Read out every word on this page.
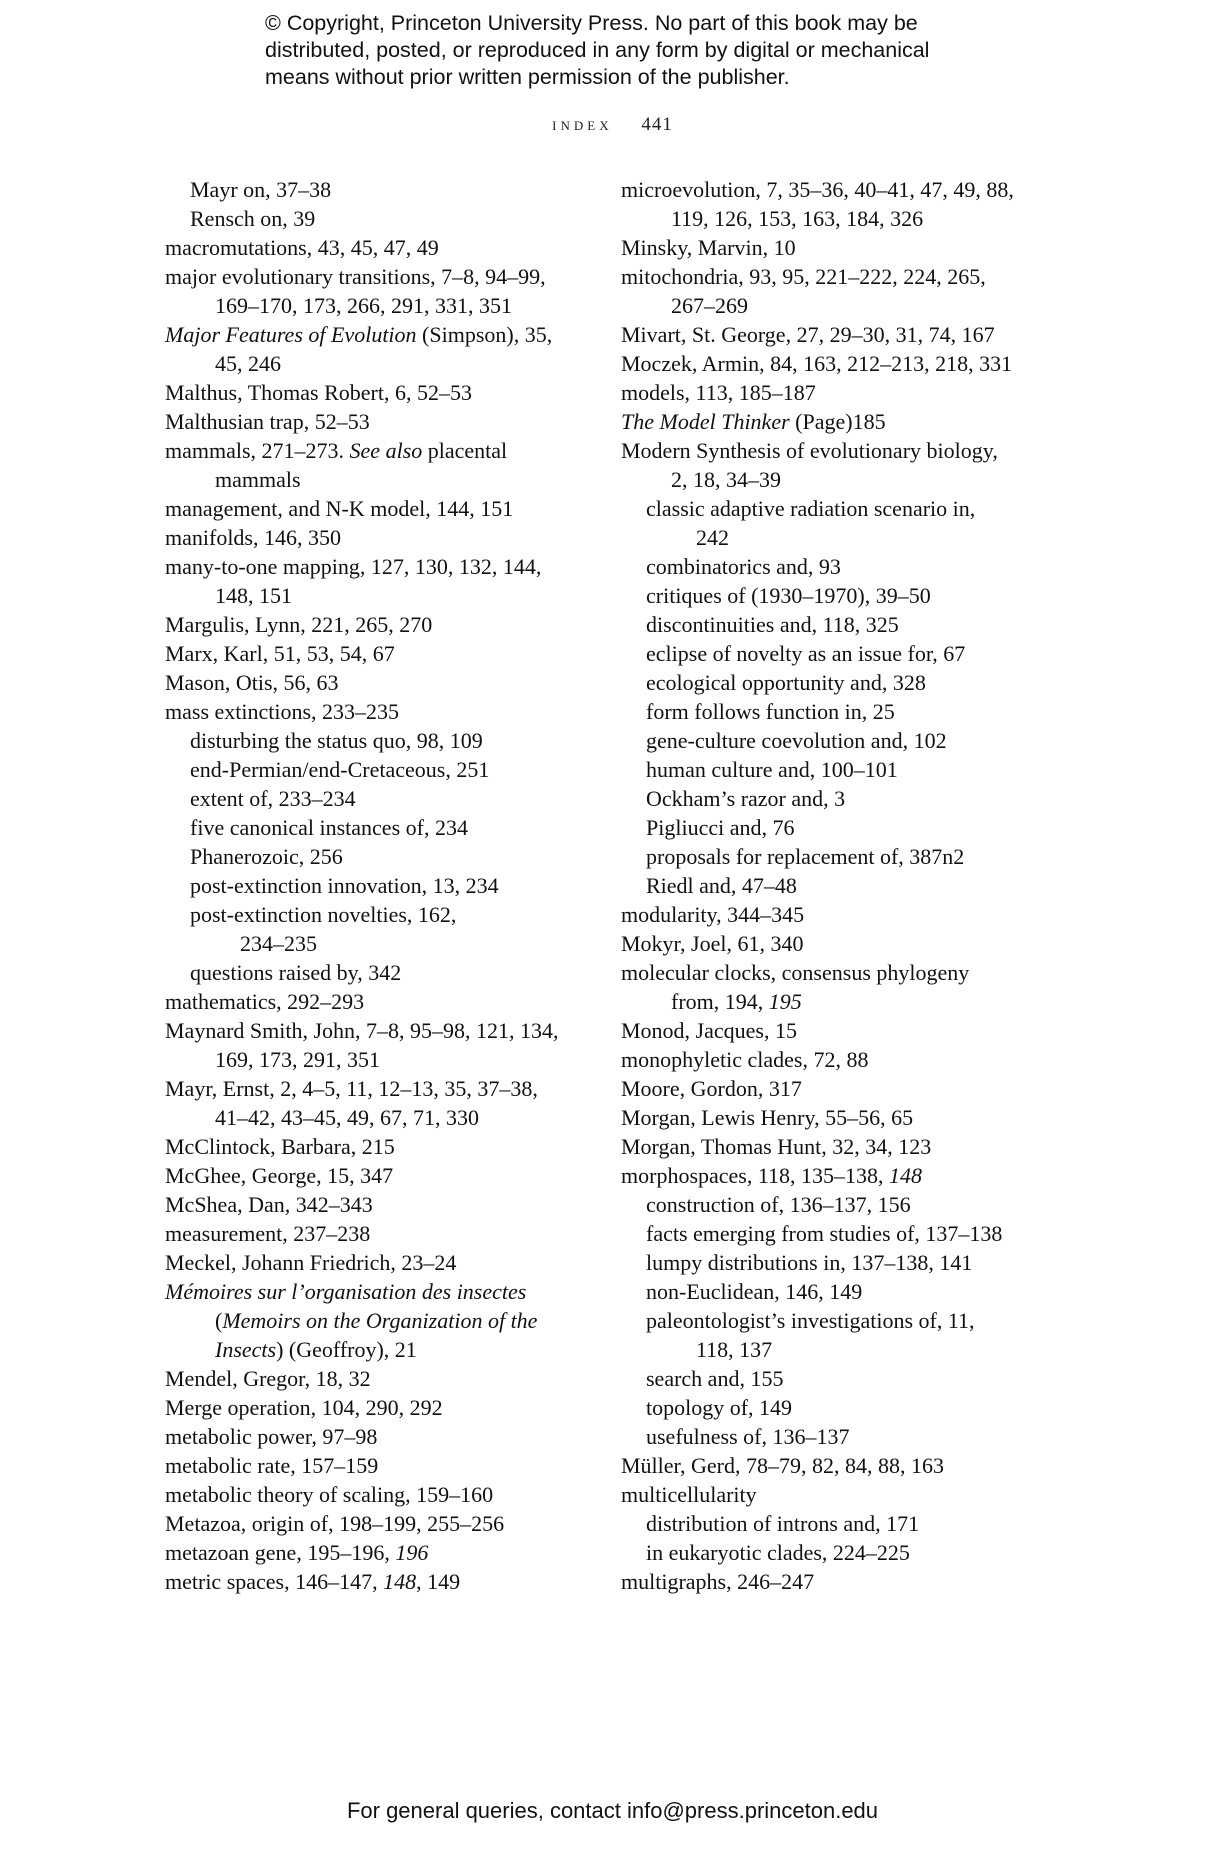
© Copyright, Princeton University Press. No part of this book may be
distributed, posted, or reproduced in any form by digital or mechanical
means without prior written permission of the publisher.
index 441
Mayr on, 37–38
Rensch on, 39
macromutations, 43, 45, 47, 49
major evolutionary transitions, 7–8, 94–99,
169–170, 173, 266, 291, 331, 351
Major Features of Evolution (Simpson), 35,
45, 246
Malthus, Thomas Robert, 6, 52–53
Malthusian trap, 52–53
mammals, 271–273. See also placental
mammals
management, and N-K model, 144, 151
manifolds, 146, 350
many-to-one mapping, 127, 130, 132, 144,
148, 151
Margulis, Lynn, 221, 265, 270
Marx, Karl, 51, 53, 54, 67
Mason, Otis, 56, 63
mass extinctions, 233–235
disturbing the status quo, 98, 109
end-Permian/end-Cretaceous, 251
extent of, 233–234
five canonical instances of, 234
Phanerozoic, 256
post-extinction innovation, 13, 234
post-extinction novelties, 162,
234–235
questions raised by, 342
mathematics, 292–293
Maynard Smith, John, 7–8, 95–98, 121, 134,
169, 173, 291, 351
Mayr, Ernst, 2, 4–5, 11, 12–13, 35, 37–38,
41–42, 43–45, 49, 67, 71, 330
McClintock, Barbara, 215
McGhee, George, 15, 347
McShea, Dan, 342–343
measurement, 237–238
Meckel, Johann Friedrich, 23–24
Mémoires sur l’organisation des insectes
(Memoirs on the Organization of the
Insects) (Geoffroy), 21
Mendel, Gregor, 18, 32
Merge operation, 104, 290, 292
metabolic power, 97–98
metabolic rate, 157–159
metabolic theory of scaling, 159–160
Metazoa, origin of, 198–199, 255–256
metazoan gene, 195–196, 196
metric spaces, 146–147, 148, 149
microevolution, 7, 35–36, 40–41, 47, 49, 88,
119, 126, 153, 163, 184, 326
Minsky, Marvin, 10
mitochondria, 93, 95, 221–222, 224, 265,
267–269
Mivart, St. George, 27, 29–30, 31, 74, 167
Moczek, Armin, 84, 163, 212–213, 218, 331
models, 113, 185–187
The Model Thinker (Page)185
Modern Synthesis of evolutionary biology,
2, 18, 34–39
classic adaptive radiation scenario in,
242
combinatorics and, 93
critiques of (1930–1970), 39–50
discontinuities and, 118, 325
eclipse of novelty as an issue for, 67
ecological opportunity and, 328
form follows function in, 25
gene-culture coevolution and, 102
human culture and, 100–101
Ockham’s razor and, 3
Pigliucci and, 76
proposals for replacement of, 387n2
Riedl and, 47–48
modularity, 344–345
Mokyr, Joel, 61, 340
molecular clocks, consensus phylogeny
from, 194, 195
Monod, Jacques, 15
monophyletic clades, 72, 88
Moore, Gordon, 317
Morgan, Lewis Henry, 55–56, 65
Morgan, Thomas Hunt, 32, 34, 123
morphospaces, 118, 135–138, 148
construction of, 136–137, 156
facts emerging from studies of, 137–138
lumpy distributions in, 137–138, 141
non-Euclidean, 146, 149
paleontologist’s investigations of, 11,
118, 137
search and, 155
topology of, 149
usefulness of, 136–137
Müller, Gerd, 78–79, 82, 84, 88, 163
multicellularity
distribution of introns and, 171
in eukaryotic clades, 224–225
multigraphs, 246–247
For general queries, contact info@press.princeton.edu
